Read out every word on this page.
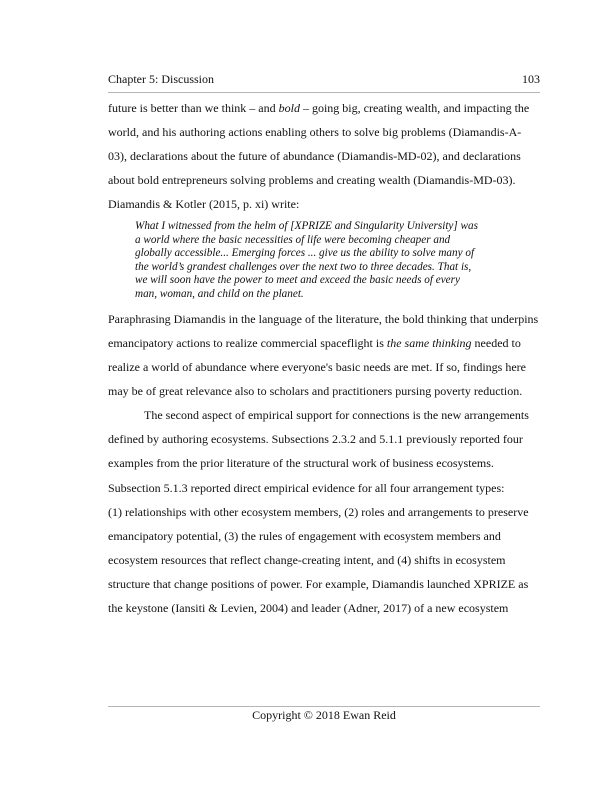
Chapter 5: Discussion	103
future is better than we think – and bold – going big, creating wealth, and impacting the
world, and his authoring actions enabling others to solve big problems (Diamandis-A-
03), declarations about the future of abundance (Diamandis-MD-02), and declarations
about bold entrepreneurs solving problems and creating wealth (Diamandis-MD-03).
Diamandis & Kotler (2015, p. xi) write:
What I witnessed from the helm of [XPRIZE and Singularity University] was
a world where the basic necessities of life were becoming cheaper and
globally accessible... Emerging forces ... give us the ability to solve many of
the world’s grandest challenges over the next two to three decades. That is,
we will soon have the power to meet and exceed the basic needs of every
man, woman, and child on the planet.
Paraphrasing Diamandis in the language of the literature, the bold thinking that underpins
emancipatory actions to realize commercial spaceflight is the same thinking needed to
realize a world of abundance where everyone's basic needs are met. If so, findings here
may be of great relevance also to scholars and practitioners pursing poverty reduction.
The second aspect of empirical support for connections is the new arrangements
defined by authoring ecosystems. Subsections 2.3.2 and 5.1.1 previously reported four
examples from the prior literature of the structural work of business ecosystems.
Subsection 5.1.3 reported direct empirical evidence for all four arrangement types:
(1) relationships with other ecosystem members, (2) roles and arrangements to preserve
emancipatory potential, (3) the rules of engagement with ecosystem members and
ecosystem resources that reflect change-creating intent, and (4) shifts in ecosystem
structure that change positions of power. For example, Diamandis launched XPRIZE as
the keystone (Iansiti & Levien, 2004) and leader (Adner, 2017) of a new ecosystem
Copyright © 2018 Ewan Reid
